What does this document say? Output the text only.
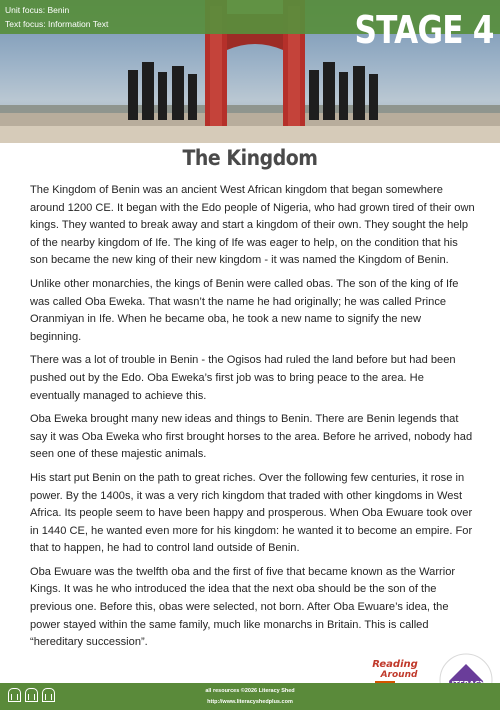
Unit focus: Benin
Text focus: Information Text	STAGE 4
The Kingdom

The Kingdom of Benin was an ancient West African kingdom that began somewhere around 1200 CE. It began with the Edo people of Nigeria, who had grown tired of their own kings. They wanted to break away and start a kingdom of their own. They sought the help of the nearby kingdom of Ife. The king of Ife was eager to help, on the condition that his son became the new king of their new kingdom - it was named the Kingdom of Benin.

Unlike other monarchies, the kings of Benin were called obas. The son of the king of Ife was called Oba Eweka. That wasn’t the name he had originally; he was called Prince Oranmiyan in Ife. When he became oba, he took a new name to signify the new beginning.

There was a lot of trouble in Benin - the Ogisos had ruled the land before but had been pushed out by the Edo. Oba Eweka’s first job was to bring peace to the area. He eventually managed to achieve this.

Oba Eweka brought many new ideas and things to Benin. There are Benin legends that say it was Oba Eweka who first brought horses to the area. Before he arrived, nobody had seen one of these majestic animals.

His start put Benin on the path to great riches. Over the following few centuries, it rose in power. By the 1400s, it was a very rich kingdom that traded with other kingdoms in West Africa. Its people seem to have been happy and prosperous. When Oba Ewuare took over in 1440 CE, he wanted even more for his kingdom: he wanted it to become an empire. For that to happen, he had to control land outside of Benin.

Oba Ewuare was the twelfth oba and the first of five that became known as the Warrior Kings. It was he who introduced the idea that the next oba should be the son of the previous one. Before this, obas were selected, not born. After Oba Ewuare’s idea, the power stayed within the same family, much like monarchs in Britain. This is called “hereditary succession”.

Reading
Around
all resources ©2026 Literacy Shed
http://www.literacyshedplus.com
